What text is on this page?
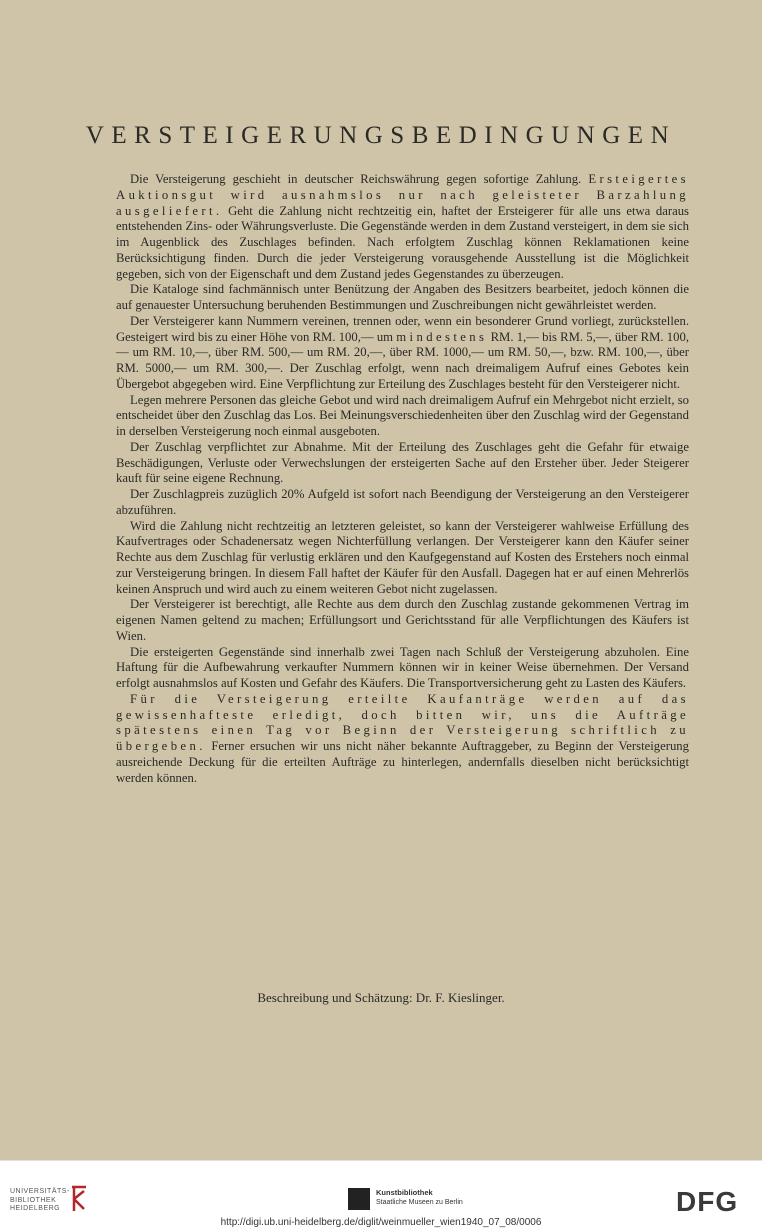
VERSTEIGERUNGSBEDINGUNGEN

Die Versteigerung geschieht in deutscher Reichswährung gegen sofortige Zahlung. Ersteigertes Auktionsgut wird ausnahmslos nur nach geleisteter Barzahlung ausgeliefert. Geht die Zahlung nicht rechtzeitig ein, haftet der Ersteigerer für alle uns etwa daraus entstehenden Zins- oder Währungsverluste. Die Gegenstände werden in dem Zustand versteigert, in dem sie sich im Augenblick des Zuschlages befinden. Nach erfolgtem Zuschlag können Reklamationen keine Berücksichtigung finden. Durch die jeder Versteigerung vorausgehende Ausstellung ist die Möglichkeit gegeben, sich von der Eigenschaft und dem Zustand jedes Gegenstandes zu überzeugen.

Die Kataloge sind fachmännisch unter Benützung der Angaben des Besitzers bearbeitet, jedoch können die auf genauester Untersuchung beruhenden Bestimmungen und Zuschreibungen nicht gewährleistet werden.

Der Versteigerer kann Nummern vereinen, trennen oder, wenn ein besonderer Grund vorliegt, zurückstellen. Gesteigert wird bis zu einer Höhe von RM. 100,— um mindestens RM. 1,— bis RM. 5,—, über RM. 100,— um RM. 10,—, über RM. 500,— um RM. 20,—, über RM. 1000,— um RM. 50,—, bzw. RM. 100,—, über RM. 5000,— um RM. 300,—. Der Zuschlag erfolgt, wenn nach dreimaligem Aufruf eines Gebotes kein Übergebot abgegeben wird. Eine Verpflichtung zur Erteilung des Zuschlages besteht für den Versteigerer nicht.

Legen mehrere Personen das gleiche Gebot und wird nach dreimaligem Aufruf ein Mehrgebot nicht erzielt, so entscheidet über den Zuschlag das Los. Bei Meinungsverschiedenheiten über den Zuschlag wird der Gegenstand in derselben Versteigerung noch einmal ausgeboten.

Der Zuschlag verpflichtet zur Abnahme. Mit der Erteilung des Zuschlages geht die Gefahr für etwaige Beschädigungen, Verluste oder Verwechslungen der ersteigerten Sache auf den Ersteher über. Jeder Steigerer kauft für seine eigene Rechnung.

Der Zuschlagpreis zuzüglich 20% Aufgeld ist sofort nach Beendigung der Versteigerung an den Versteigerer abzuführen.

Wird die Zahlung nicht rechtzeitig an letzteren geleistet, so kann der Versteigerer wahlweise Erfüllung des Kaufvertrages oder Schadenersatz wegen Nichterfüllung verlangen. Der Versteigerer kann den Käufer seiner Rechte aus dem Zuschlag für verlustig erklären und den Kaufgegenstand auf Kosten des Erstehers noch einmal zur Versteigerung bringen. In diesem Fall haftet der Käufer für den Ausfall. Dagegen hat er auf einen Mehrerlös keinen Anspruch und wird auch zu einem weiteren Gebot nicht zugelassen.

Der Versteigerer ist berechtigt, alle Rechte aus dem durch den Zuschlag zustande gekommenen Vertrag im eigenen Namen geltend zu machen; Erfüllungsort und Gerichtsstand für alle Verpflichtungen des Käufers ist Wien.

Die ersteigerten Gegenstände sind innerhalb zwei Tagen nach Schluß der Versteigerung abzuholen. Eine Haftung für die Aufbewahrung verkaufter Nummern können wir in keiner Weise übernehmen. Der Versand erfolgt ausnahmslos auf Kosten und Gefahr des Käufers. Die Transportversicherung geht zu Lasten des Käufers.

Für die Versteigerung erteilte Kaufanträge werden auf das gewissenhafteste erledigt, doch bitten wir, uns die Aufträge spätestens einen Tag vor Beginn der Versteigerung schriftlich zu übergeben. Ferner ersuchen wir uns nicht näher bekannte Auftraggeber, zu Beginn der Versteigerung ausreichende Deckung für die erteilten Aufträge zu hinterlegen, andernfalls dieselben nicht berücksichtigt werden können.

Beschreibung und Schätzung: Dr. F. Kieslinger.
UNIVERSITÄTS-
BIBLIOTHEK
HEIDELBERG
Kunstbibliothek
Staatliche Museen zu Berlin	DFG
http://digi.ub.uni-heidelberg.de/diglit/weinmueller_wien1940_07_08/0006
